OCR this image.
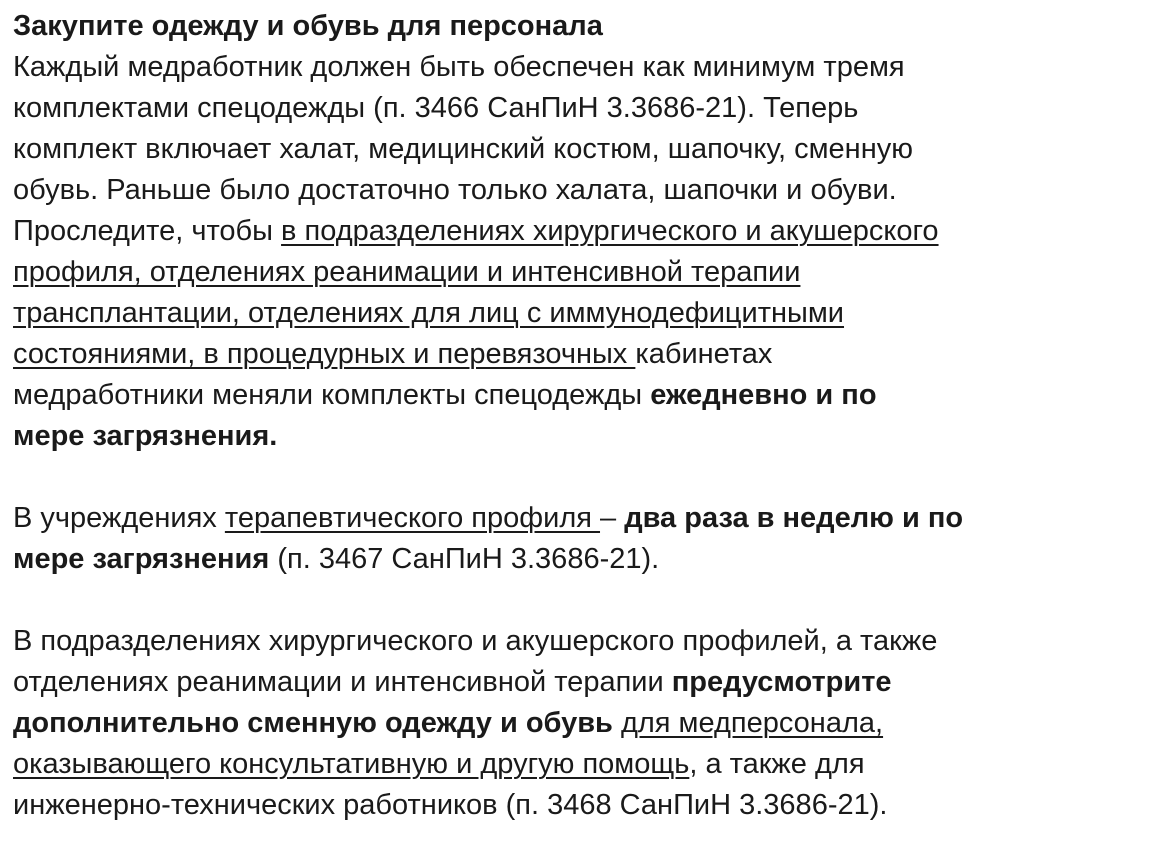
Закупите одежду и обувь для персонала
Каждый медработник должен быть обеспечен как минимум тремя
комплектами спецодежды (п. 3466 СанПиН 3.3686-21). Теперь
комплект включает халат, медицинский костюм, шапочку, сменную
обувь. Раньше было достаточно только халата, шапочки и обуви.
Проследите, чтобы в подразделениях хирургического и акушерского
профиля, отделениях реанимации и интенсивной терапии
трансплантации, отделениях для лиц с иммунодефицитными
состояниями, в процедурных и перевязочных кабинетах
медработники меняли комплекты спецодежды ежедневно и по
мере загрязнения.
В учреждениях терапевтического профиля – два раза в неделю и по
мере загрязнения (п. 3467 СанПиН 3.3686-21).
В подразделениях хирургического и акушерского профилей, а также
отделениях реанимации и интенсивной терапии предусмотрите
дополнительно сменную одежду и обувь для медперсонала,
оказывающего консультативную и другую помощь, а также для
инженерно-технических работников (п. 3468 СанПиН 3.3686-21).
